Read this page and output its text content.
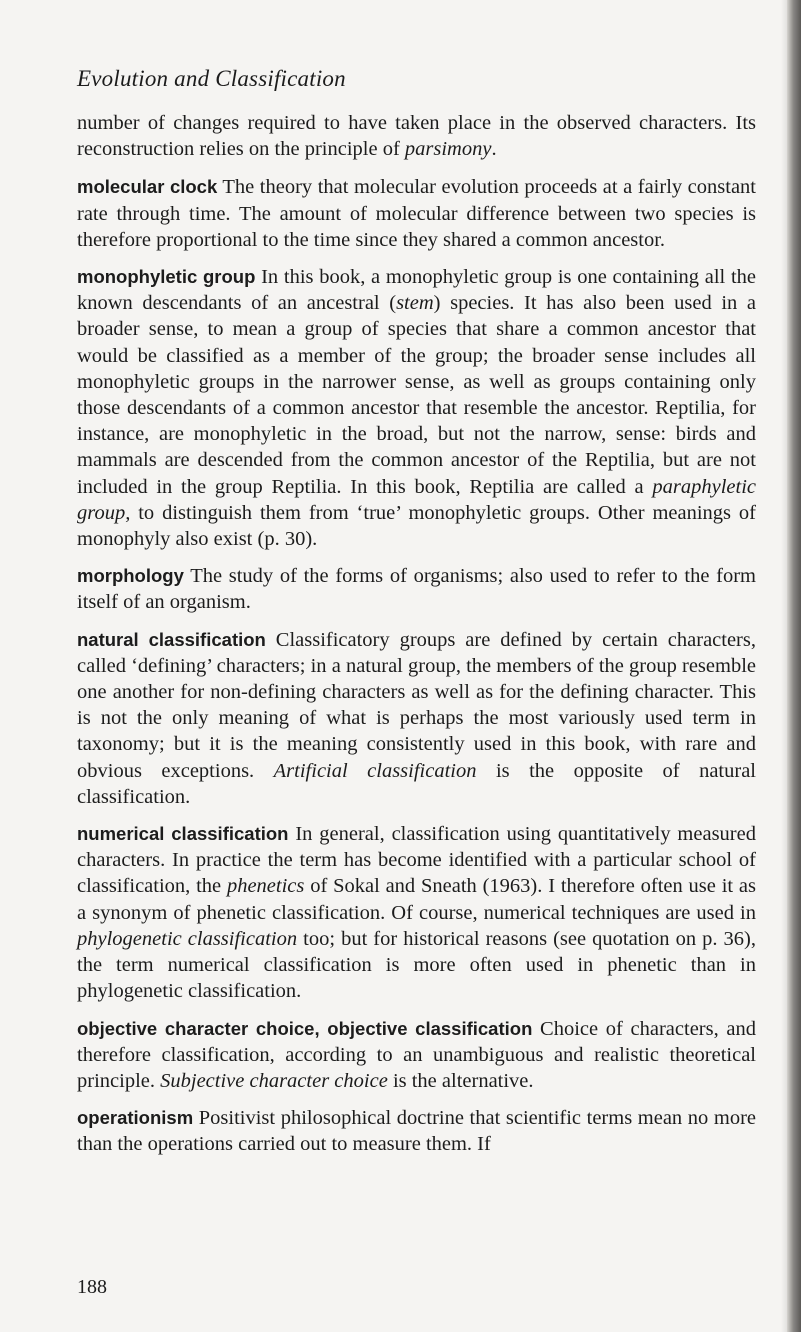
Evolution and Classification

number of changes required to have taken place in the observed characters. Its reconstruction relies on the principle of parsimony.

molecular clock The theory that molecular evolution proceeds at a fairly constant rate through time. The amount of molecular difference between two species is therefore proportional to the time since they shared a common ancestor.

monophyletic group In this book, a monophyletic group is one containing all the known descendants of an ancestral (stem) species. It has also been used in a broader sense, to mean a group of species that share a common ancestor that would be classified as a member of the group; the broader sense includes all monophyletic groups in the narrower sense, as well as groups containing only those descendants of a common ancestor that resemble the ancestor. Reptilia, for instance, are monophyletic in the broad, but not the narrow, sense: birds and mammals are descended from the common ancestor of the Reptilia, but are not included in the group Reptilia. In this book, Reptilia are called a paraphyletic group, to distinguish them from ‘true’ monophyletic groups. Other meanings of monophyly also exist (p. 30).

morphology The study of the forms of organisms; also used to refer to the form itself of an organism.

natural classification Classificatory groups are defined by certain characters, called ‘defining’ characters; in a natural group, the members of the group resemble one another for non-defining characters as well as for the defining character. This is not the only meaning of what is perhaps the most variously used term in taxonomy; but it is the meaning consistently used in this book, with rare and obvious exceptions. Artificial classification is the opposite of natural classification.

numerical classification In general, classification using quantitatively measured characters. In practice the term has become identified with a particular school of classification, the phenetics of Sokal and Sneath (1963). I therefore often use it as a synonym of phenetic classification. Of course, numerical techniques are used in phylogenetic classification too; but for historical reasons (see quotation on p. 36), the term numerical classification is more often used in phenetic than in phylogenetic classification.

objective character choice, objective classification Choice of characters, and therefore classification, according to an unambiguous and realistic theoretical principle. Subjective character choice is the alternative.

operationism Positivist philosophical doctrine that scientific terms mean no more than the operations carried out to measure them. If

188
